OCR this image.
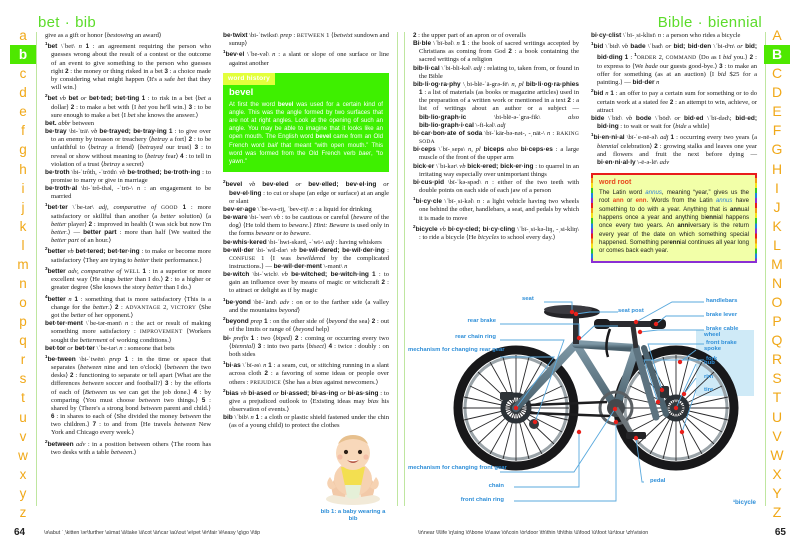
bet · bib	Bible · biennial
a
b
c
d
e
f
g
h
i
j
k
l
m
n
o
p
q
r
s
t
u
v
w
x
y
z
A
B
C
D
E
F
G
H
I
J
K
L
M
N
O
P
Q
R
S
T
U
V
W
X
Y
Z

give as a gift or honor ⟨bestowing an award⟩

$^1$bet \ˈbet\ n 1 : an agreement requiring the person who guesses wrong about the result of a contest or the outcome of an event to give something to the person who guesses right 2 : the money or thing risked in a bet 3 : a choice made by considering what might happen ⟨It's a safe bet that they will win.⟩

$^2$bet vb bet or bet·ted; bet·ting 1 : to risk in a bet ⟨bet a dollar⟩ 2 : to make a bet with ⟨I bet you he'll win.⟩ 3 : to be sure enough to make a bet ⟨I bet she knows the answer.⟩

bet. abbr between

be·tray \bi-ˈtrā\ vb be·trayed; be·tray·ing 1 : to give over to an enemy by treason or treachery ⟨betray a fort⟩ 2 : to be unfaithful to ⟨betray a friend⟩ ⟨betrayed our trust⟩ 3 : to reveal or show without meaning to ⟨betray fear⟩ 4 : to tell in violation of a trust ⟨betray a secret⟩

be·troth \bi-ˈtrôth, -ˈtrōth\ vb be·trothed; be·troth·ing : to promise to marry or give in marriage

be·troth·al \bi-ˈtrô-thəl, -ˈtrō-\ n : an engagement to be married

$^1$bet·ter \ˈbe-tər\ adj, comparative of GOOD 1 : more satisfactory or skillful than another ⟨a better solution⟩ ⟨a better player⟩ 2 : improved in health ⟨I was sick but now I'm better.⟩ — better part : more than half ⟨We waited the better part of an hour.⟩

$^2$better vb bet·tered; bet·ter·ing : to make or become more satisfactory ⟨They are trying to better their performance.⟩

$^3$better adv, comparative of WELL 1 : in a superior or more excellent way ⟨He sings better than I do.⟩ 2 : to a higher or greater degree ⟨She knows the story better than I do.⟩

$^4$better n 1 : something that is more satisfactory ⟨This is a change for the better.⟩ 2 : ADVANTAGE 2, VICTORY ⟨She got the better of her opponent.⟩

bet·ter·ment \ˈbe-tər-mənt\ n : the act or result of making something more satisfactory : IMPROVEMENT ⟨Workers sought the betterment of working conditions.⟩

bet·tor or bet·ter \ˈbe-tər\ n : someone that bets

$^1$be·tween \bi-ˈtwēn\ prep 1 : in the time or space that separates ⟨between nine and ten o'clock⟩ ⟨between the two desks⟩ 2 : functioning to separate or tell apart ⟨What are the differences between soccer and football?⟩ 3 : by the efforts of each of ⟨Between us we can get the job done.⟩ 4 : by comparing ⟨You must choose between two things.⟩ 5 : shared by ⟨There's a strong bond between parent and child.⟩ 6 : in shares to each of ⟨She divided the money between the two children.⟩ 7 : to and from ⟨He travels between New York and Chicago every week.⟩

$^2$between adv : in a position between others ⟨The room has two desks with a table between.⟩

be·twixt \bi-ˈtwikst\ prep : BETWEEN 1 ⟨betwixt sundown and sunup⟩

$^1$bev·el \ˈbe-vəl\ n : a slant or slope of one surface or line against another

word history
bevel
At first the word bevel was used for a certain kind of angle. This was the angle formed by two surfaces that are not at right angles. Look at the opening of such an angle. You may be able to imagine that it looks like an open mouth. The English word bevel came from an Old French word baif that meant “with open mouth.” This word was formed from the Old French verb baer, “to yawn.”

$^2$bevel vb bev·eled or bev·elled; bev·el·ing or bev·el·ling : to cut or shape (an edge or surface) at an angle or slant

bev·er·age \ˈbe-və-rij, ˈbev-rij\ n : a liquid for drinking

be·ware \bi-ˈwer\ vb : to be cautious or careful ⟨beware of the dog⟩ ⟨He told them to beware.⟩ Hint: Beware is used only in the forms beware or to beware.

be·whis·kered \bi-ˈhwi-skərd, -ˈwi-\ adj : having whiskers

be·wil·der \bi-ˈwil-dər\ vb be·wil·dered; be·wil·der·ing : CONFUSE 1 ⟨I was bewildered by the complicated instructions.⟩ — be·wil·der·ment \-mənt\ n

be·witch \bi-ˈwich\ vb be·witched; be·witch·ing 1 : to gain an influence over by means of magic or witchcraft 2 : to attract or delight as if by magic

$^1$be·yond \bē-ˈänd\ adv : on or to the farther side ⟨a valley and the mountains beyond⟩

$^2$beyond prep 1 : on the other side of ⟨beyond the sea⟩ 2 : out of the limits or range of ⟨beyond help⟩

bi- prefix 1 : two ⟨biped⟩ 2 : coming or occurring every two ⟨biennial⟩ 3 : into two parts ⟨bisect⟩ 4 : twice : doubly : on both sides

$^1$bi·as \ˈbī-əs\ n 1 : a seam, cut, or stitching running in a slant across cloth 2 : a favoring of some ideas or people over others : PREJUDICE ⟨She has a bias against newcomers.⟩

$^2$bias vb bi·ased or bi·assed; bi·as·ing or bi·as·sing : to give a prejudiced outlook to ⟨Existing ideas may bias his observation of events.⟩

bib \ˈbib\ n 1 : a cloth or plastic shield fastened under the chin (as of a young child) to protect the clothes

bib 1: a baby wearing a bib

2 : the upper part of an apron or of overalls

Bi·ble \ˈbī-bəl\ n 1 : the book of sacred writings accepted by Christians as coming from God 2 : a book containing the sacred writings of a religion

bib·li·cal \ˈbi-bli-kəl\ adj : relating to, taken from, or found in the Bible

bib·li·og·ra·phy \ˌbi-blē-ˈä-grə-fē\ n, pl bib·li·og·ra·phies 1 : a list of materials (as books or magazine articles) used in the preparation of a written work or mentioned in a text 2 : a list of writings about an author or a subject — bib·lio·graph·ic \bi-blē-ə-ˈgra-fik\ also bib·lio·graph·i·cal \-fi-kəl\ adj

bi·car·bon·ate of soda \bī-ˈkär-bə-nət-, -ˌnāt-\ n : BAKING SODA

bi·ceps \ˈbī-ˌseps\ n, pl biceps also bi·ceps·es : a large muscle of the front of the upper arm

bick·er \ˈbi-kər\ vb bick·ered; bick·er·ing : to quarrel in an irritating way especially over unimportant things

bi·cus·pid \bī-ˈkə-spəd\ n : either of the two teeth with double points on each side of each jaw of a person

$^1$bi·cy·cle \ˈbī-ˌsi-kəl\ n : a light vehicle having two wheels one behind the other, handlebars, a seat, and pedals by which it is made to move

$^2$bicycle vb bi·cy·cled; bi·cy·cling \ˈbī-ˌsi-kə-liŋ, -ˌsi-kliŋ\ : to ride a bicycle ⟨He bicycles to school every day.⟩

bi·cy·clist \ˈbī-ˌsi-klist\ n : a person who rides a bicycle

$^1$bid \ˈbid\ vb bade \ˈbad\ or bid; bid·den \ˈbi-dᵊn\ or bid; bid·ding 1 : $^1$ORDER 2, COMMAND ⟨Do as I bid you.⟩ 2 : to express to ⟨We bade our guests good-bye.⟩ 3 : to make an offer for something (as at an auction) ⟨I bid $25 for a painting.⟩ — bid·der n

$^2$bid n 1 : an offer to pay a certain sum for something or to do certain work at a stated fee 2 : an attempt to win, achieve, or attract

bide \ˈbīd\ vb bode \ˈbōd\ or bid·ed \ˈbī-dəd\; bid·ed; bid·ing : to wait or wait for ⟨bide a while⟩

$^1$bi·en·ni·al \bī-ˈe-nē-əl\ adj 1 : occurring every two years ⟨a biennial celebration⟩ 2 : growing stalks and leaves one year and flowers and fruit the next before dying — bi·en·ni·al·ly \-ē-ə-lē\ adv

word root
The Latin word annus, meaning “year,” gives us the root ann or enn. Words from the Latin annus have something to do with a year. Anything that is annual happens once a year and anything biennial happens once every two years. An anniversary is the return every year of the date on which something special happened. Something perennial continues all year long or comes back each year.
seat
rear brake
rear chain ring
mechanism for changing rear gear
mechanism for changing front gear
chain
front chain ring
pedal
handlebars
brake lever
brake cable
front brake
fork
seat post
wheel
spoke
hub
rim
tire
¹bicycle
64	65
\ə\abut ˈˌ\kitten \ər\further \a\mat \ā\take \ä\cot \är\car \aù\out \e\pet \ēr\fair \ē\easy \g\go \i\tip	\ir\near \ī\life \ŋ\sing \ō\bone \ȯ\saw \ȯi\coin \ȯr\door \th\thin \th\this \ü\food \ù\foot \ùr\tour \zh\vision
